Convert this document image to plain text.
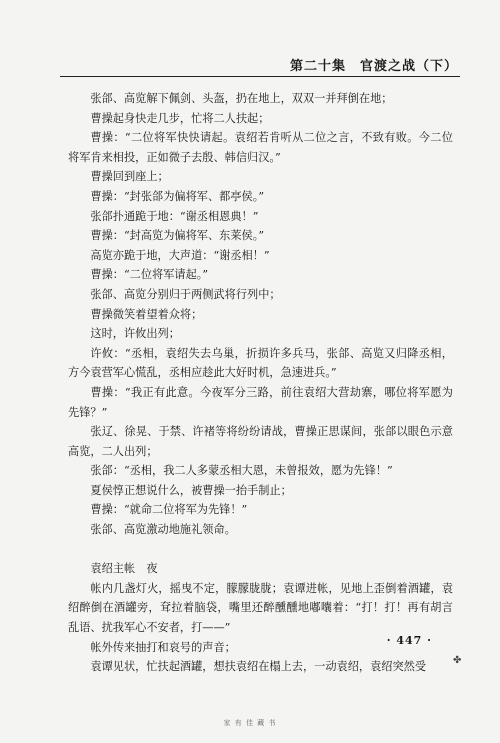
第二十集　官渡之战（下）

张郃、高览解下佩剑、头盔，扔在地上，双双一并拜倒在地；

曹操起身快走几步，忙将二人扶起；

曹操：“二位将军快快请起。袁绍若肯听从二位之言，不致有败。今二位将军肯来相投，正如微子去殷、韩信归汉。”

曹操回到座上；

曹操：“封张郃为偏将军、都亭侯。”

张郃扑通跪于地：“谢丞相恩典！”

曹操：“封高览为偏将军、东莱侯。”

高览亦跪于地，大声道：“谢丞相！”

曹操：“二位将军请起。”

张郃、高览分别归于两侧武将行列中；

曹操微笑着望着众将；

这时，许攸出列；

许攸：“丞相，袁绍失去乌巢，折损许多兵马，张郃、高览又归降丞相，方今袁营军心慌乱，丞相应趁此大好时机，急速进兵。”

曹操：“我正有此意。今夜军分三路，前往袁绍大营劫寨，哪位将军愿为先锋？”

张辽、徐晃、于禁、许褚等将纷纷请战，曹操正思谋间，张郃以眼色示意高览，二人出列；

张郃：“丞相，我二人多蒙丞相大恩，未曾报效，愿为先锋！”

夏侯惇正想说什么，被曹操一抬手制止；

曹操：“就命二位将军为先锋！”

张郃、高览激动地施礼领命。

袁绍主帐　夜

帐内几盏灯火，摇曳不定，朦朦胧胧；袁谭进帐，见地上歪倒着酒罐，袁绍醉倒在酒罐旁，耷拉着脑袋，嘴里还醉醺醺地嘟囔着：“打！打！再有胡言乱语、扰我军心不安者，打——”

帐外传来抽打和哀号的声音；

袁谭见状，忙扶起酒罐，想扶袁绍在榻上去，一动袁绍，袁绍突然受

· 447 ·
✤
家 有 佳 藏 书
